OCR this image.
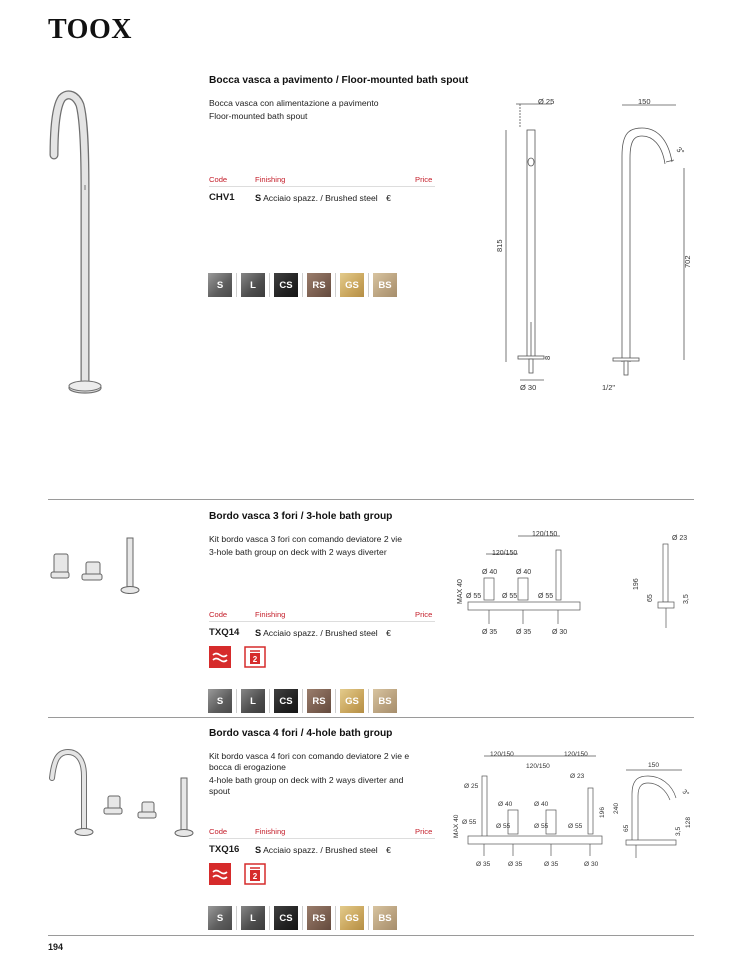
TOOX
Bocca vasca a pavimento / Floor-mounted bath spout
Bocca vasca con alimentazione a pavimento
Floor-mounted bath spout
Code	Finishing	Price
CHV1 S Acciaio spazz. / Brushed steel €
S	L	CS	RS	GS	BS
Ø 25
815
8
Ø 30
150
3°
702
1/2"
Bordo vasca 3 fori / 3-hole bath group
Kit bordo vasca 3 fori con comando deviatore 2 vie
3-hole bath group on deck with 2 ways diverter
Code	Finishing	Price
TXQ14 S Acciaio spazz. / Brushed steel €
2
S	L	CS	RS	GS	BS
120/150
120/150
Ø 40	Ø 40
MAX 40 Ø 55	Ø 55	Ø 55
Ø 35	Ø 35	Ø 30
Ø 23
196
65	3,5
Bordo vasca 4 fori / 4-hole bath group
Kit bordo vasca 4 fori con comando deviatore 2 vie e
bocca di erogazione
4-hole bath group on deck with 2 ways diverter and
spout
Code	Finishing	Price
TXQ16 S Acciaio spazz. / Brushed steel €
2
S	L	CS	RS	GS	BS
120/150
120/150
120/150
Ø 25
Ø 23
Ø 40	Ø 40
MAX 40 Ø 55
Ø 55	Ø 55	Ø 55
196
Ø 35	Ø 35	Ø 35	Ø 30
150
3°
240
128
65	3,5
194
